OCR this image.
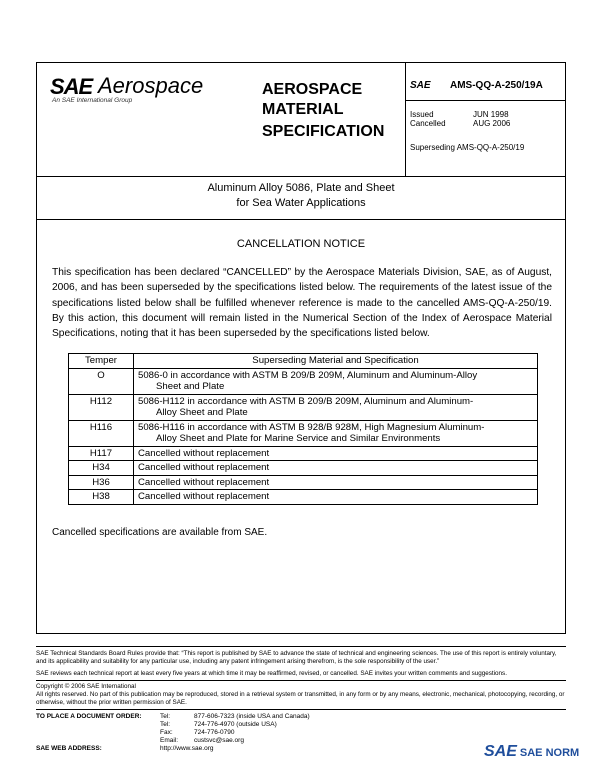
SAE Aerospace
An SAE International Group
AEROSPACE
MATERIAL
SPECIFICATION
SAE AMS-QQ-A-250/19A
Issued	JUN 1998
Cancelled	AUG 2006
Superseding AMS-QQ-A-250/19
Aluminum Alloy 5086, Plate and Sheet
for Sea Water Applications
CANCELLATION NOTICE
This specification has been declared “CANCELLED” by the Aerospace Materials Division, SAE, as of August, 2006, and has been superseded by the specifications listed below. The requirements of the latest issue of the specifications listed below shall be fulfilled whenever reference is made to the cancelled AMS-QQ-A-250/19. By this action, this document will remain listed in the Numerical Section of the Index of Aerospace Material Specifications, noting that it has been superseded by the specifications listed below.
Temper	Superseding Material and Specification
O	5086-0 in accordance with ASTM B 209/B 209M, Aluminum and Aluminum-Alloy
Sheet and Plate

H112	5086-H112 in accordance with ASTM B 209/B 209M, Aluminum and Aluminum-
Alloy Sheet and Plate

H116	5086-H116 in accordance with ASTM B 928/B 928M, High Magnesium Aluminum-
Alloy Sheet and Plate for Marine Service and Similar Environments

H117	Cancelled without replacement
H34	Cancelled without replacement
H36	Cancelled without replacement
H38	Cancelled without replacement
Cancelled specifications are available from SAE.
SAE Technical Standards Board Rules provide that: “This report is published by SAE to advance the state of technical and engineering sciences. The use of this report is entirely voluntary, and its applicability and suitability for any particular use, including any patent infringement arising therefrom, is the sole responsibility of the user.”
SAE reviews each technical report at least every five years at which time it may be reaffirmed, revised, or cancelled. SAE invites your written comments and suggestions.
Copyright © 2006 SAE International
All rights reserved. No part of this publication may be reproduced, stored in a retrieval system or transmitted, in any form or by any means, electronic, mechanical, photocopying, recording, or otherwise, without the prior written permission of SAE.
TO PLACE A DOCUMENT ORDER:	Tel:	877-606-7323 (inside USA and Canada)
Tel:	724-776-4970 (outside USA)
Fax:	724-776-0790
Email: custsvc@sae.org
SAE WEB ADDRESS:	http://www.sae.org	SAE SAE NORM
